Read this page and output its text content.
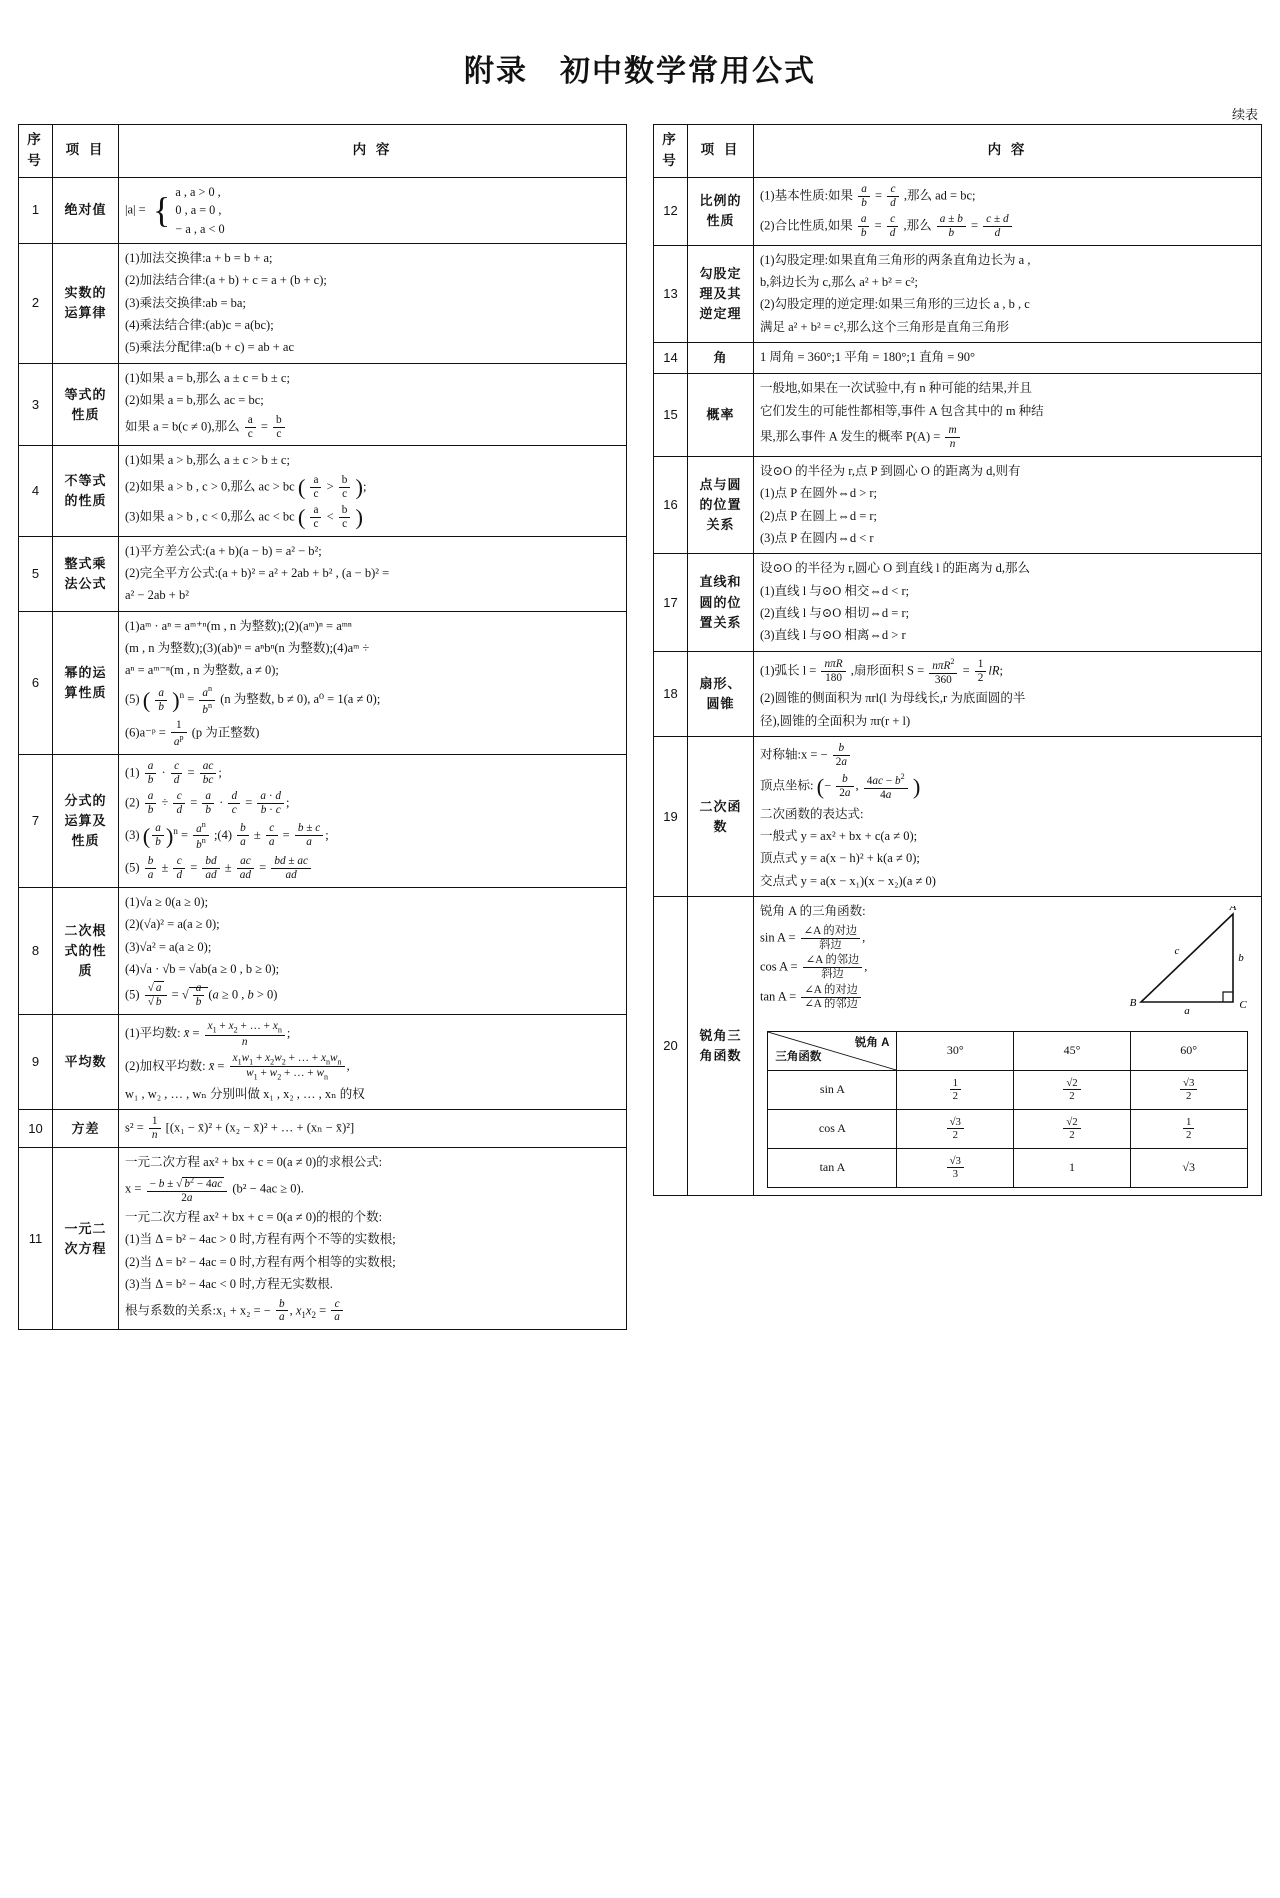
附录　初中数学常用公式
序号	项 目	内 容
1	绝对值	|a| = { a , a > 0 ,
0 , a = 0 ,
− a , a < 0

2	实数的运算律	(1)加法交换律:a + b = b + a;
(2)加法结合律:(a + b) + c = a + (b + c);
(3)乘法交换律:ab = ba;
(4)乘法结合律:(ab)c = a(bc);
(5)乘法分配律:a(b + c) = ab + ac

3	等式的性质	
(1)如果 a = b,那么 a ± c = b ± c;
(2)如果 a = b,那么 ac = bc;
如果 a = b(c ≠ 0),那么 $\frac{a}{c} = \frac{b}{c}$

4	不等式的性质	
(1)如果 a > b,那么 a ± c > b ± c;
(2)如果 a > b , c > 0,那么 ac > bc ( $\frac{a}{c} > \frac{b}{c}$ );
(3)如果 a > b , c < 0,那么 ac < bc ( $\frac{a}{c} < \frac{b}{c}$ )

5	整式乘法公式	(1)平方差公式:(a + b)(a − b) = a² − b²;
(2)完全平方公式:(a + b)² = a² + 2ab + b² , (a − b)² =
a² − 2ab + b²

6	幂的运算性质	
(1)aᵐ · aⁿ = aᵐ⁺ⁿ(m , n 为整数);(2)(aᵐ)ⁿ = aᵐⁿ
(m , n 为整数);(3)(ab)ⁿ = aⁿbⁿ(n 为整数);(4)aᵐ ÷
aⁿ = aᵐ⁻ⁿ(m , n 为整数, a ≠ 0);
(5) ( $\frac{a}{b} )^n = \frac{a^n}{b^n} (n$ 为整数, b ≠ 0), a⁰ = 1(a ≠ 0);
(6)a⁻ᵖ = $\frac{1}{a^p} (p$ 为正整数)

7	分式的运算及性质	
$(1) \frac{a}{b} \cdot \frac{c}{d} = \frac{ac}{bc}$ ;
$(2) \frac{a}{b} \div \frac{c}{d} = \frac{a}{b} \cdot \frac{d}{c} = \frac{a \cdot d}{b \cdot c}$ ;
(3) ( $\frac{a}{b} )^n = \frac{a^n}{b^n}$ ;(4) $\frac{b}{a} \pm \frac{c}{a} = \frac{b \pm c}{a}$ ;
$(5) \frac{b}{a} \pm \frac{c}{d} = \frac{bd}{ad} \pm \frac{ac}{ad} = \frac{bd \pm ac}{ad}$

8	二次根式的性质	
(1)√a ≥ 0(a ≥ 0);
(2)(√a)² = a(a ≥ 0);
(3)√a² = a(a ≥ 0);
(4)√a · √b = √ab(a ≥ 0 , b ≥ 0);
$(5) \frac{√ a}{√ b}$ = √ $\frac{a}{b} (a \ge 0$ , b > 0)

9	平均数	
(1)平均数: x̄ = $\frac{x_1 + x_2 + \dots + x_n}{n}$ ;
(2)加权平均数: x̄ = $\frac{x_1w_1 + x_2w_2 + \dots + x_nw_n}{w_1 + w_2 + \dots + w_n}$ ,
w₁ , w₂ , … , wₙ 分别叫做 x₁ , x₂ , … , xₙ 的权

10	方差	$s^2 = \frac{1}{n} [(x_1$ − x̄)² + (x₂ − x̄)² + … + (xₙ − x̄)²]

11	一元二次方程	
一元二次方程 ax² + bx + c = 0(a ≠ 0)的求根公式:
$x = \frac{- b \pm √ b^2 - 4ac}{2a} (b^2 - 4ac \ge 0)$.
一元二次方程 ax² + bx + c = 0(a ≠ 0)的根的个数:
(1)当 Δ = b² − 4ac > 0 时,方程有两个不等的实数根;
(2)当 Δ = b² − 4ac = 0 时,方程有两个相等的实数根;
(3)当 Δ = b² − 4ac < 0 时,方程无实数根.
根与系数的关系:x₁ + x₂ = − $\frac{b}{a}$ , $x_1x_2 = \frac{c}{a}$
续表
序号	项 目	内 容
12	比例的性质	
(1)基本性质:如果 $\frac{a}{b} = \frac{c}{d}$ ,那么 ad = bc;
(2)合比性质,如果 $\frac{a}{b} = \frac{c}{d}$ ,那么 $\frac{a \pm b}{b} = \frac{c \pm d}{d}$

13	勾股定理及其逆定理	
(1)勾股定理:如果直角三角形的两条直角边长为 a ,
b,斜边长为 c,那么 a² + b² = c²;
(2)勾股定理的逆定理:如果三角形的三边长 a , b , c
满足 a² + b² = c²,那么这个三角形是直角三角形

14	角	1 周角 = 360°;1 平角 = 180°;1 直角 = 90°

15	概率	
一般地,如果在一次试验中,有 n 种可能的结果,并且
它们发生的可能性都相等,事件 A 包含其中的 m 种结
果,那么事件 A 发生的概率 $P(A) = \frac{m}{n}$

16	点与圆的位置关系	
设⊙O 的半径为 r,点 P 到圆心 O 的距离为 d,则有
(1)点 P 在圆外⇔d > r;
(2)点 P 在圆上⇔d = r;
(3)点 P 在圆内⇔d < r

17	直线和圆的位置关系	
设⊙O 的半径为 r,圆心 O 到直线 l 的距离为 d,那么
(1)直线 l 与⊙O 相交⇔d < r;
(2)直线 l 与⊙O 相切⇔d = r;
(3)直线 l 与⊙O 相离⇔d > r

18	扇形、圆锥	
(1)弧长 $l = \frac{\text{nπR}}{180}$ ,扇形面积 $S = \frac{n\pi R^2}{360} = \frac{1}{2}$ lR;
(2)圆锥的侧面积为 πrl(l 为母线长,r 为底面圆的半
径),圆锥的全面积为 πr(r + l)

19	二次函数	
对称轴:x = − $\frac{b}{2a}$
顶点坐标: (− $\frac{b}{2a}$ , $\frac{4ac - b^2}{4a}$ )
二次函数的表达式:
一般式 y = ax² + bx + c(a ≠ 0);
顶点式 y = a(x − h)² + k(a ≠ 0);
交点式 y = a(x − x₁)(x − x₂)(a ≠ 0)

20	锐角三角函数	
锐角 A 的三角函数:
$\sin A = \frac{\text{∠A 的对边}}{\text{斜边}}$ ,
$\cos A = \frac{\text{∠A 的邻边}}{\text{斜边}}$ ,
$\tan A = \frac{\text{∠A 的对边}}{\text{∠A 的邻边}}$
A
B	C
a
b
c
锐角 A
三角函数	30°	45°	60°
sin A	$\frac{1}{2}$	$\frac{√2}{2}$	$\frac{√3}{2}$

cos A	$\frac{√3}{2}$	$\frac{√2}{2}$	$\frac{1}{2}$

tan A	$\frac{√3}{3}$	1	√3
